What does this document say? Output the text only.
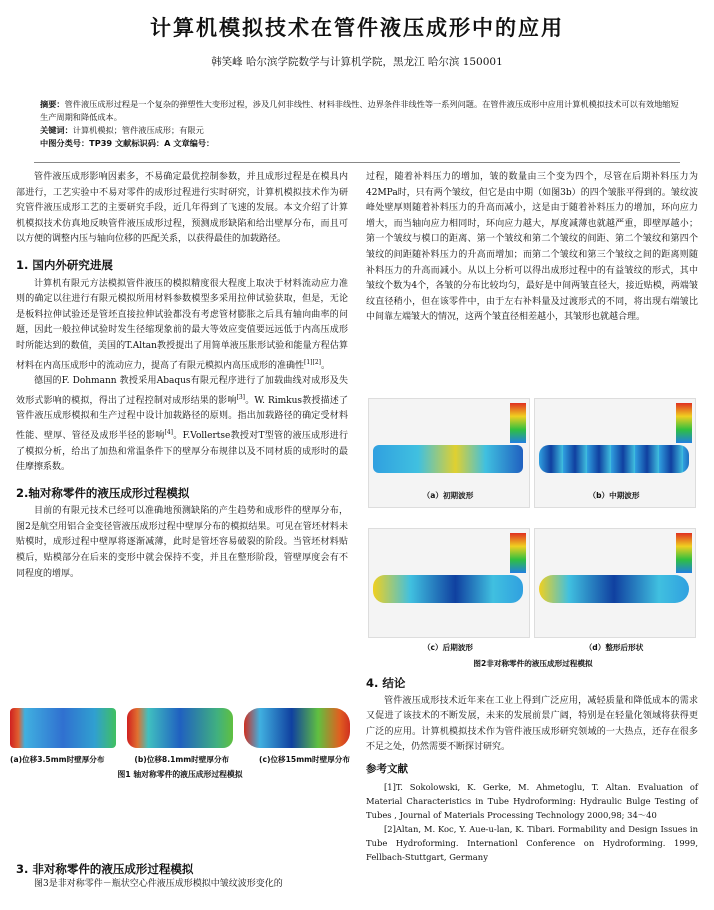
计算机模拟技术在管件液压成形中的应用
韩笑峰 哈尔滨学院数学与计算机学院，黑龙江 哈尔滨 150001

摘要：管件液压成形过程是一个复杂的弹塑性大变形过程，涉及几何非线性、材料非线性、边界条件非线性等一系列问题。在管件液压成形中应用计算机模拟技术可以有效地缩短生产周期和降低成本。

关键词：计算机模拟；管件液压成形；有限元

中图分类号：TP39 文献标识码：A 文章编号：

管件液压成形影响因素多，不易确定最优控制参数，并且成形过程是在模具内部进行，工艺实验中不易对零件的成形过程进行实时研究，计算机模拟技术作为研究管件液压成形工艺的主要研究手段，近几年得到了飞速的发展。本文介绍了计算机模拟技术仿真地反映管件液压成形过程，预测成形缺陷和给出壁厚分布，而且可以方便的调整内压与轴向位移的匹配关系，以获得最佳的加载路径。

1. 国内外研究进展

计算机有限元方法模拟管件液压的模拟精度很大程度上取决于材料流动应力准则的确定以往进行有限元模拟所用材料参数模型多采用拉伸试验获取，但是，无论是板料拉伸试验还是管坯直接拉伸试验都没有考虑管材膨胀之后具有轴向曲率的问题，因此一般拉伸试验时发生径缩现象前的最大等效应变值要远远低于内高压成形时所能达到的数值，美国的T.Altan教授提出了用简单液压胀形试验和能量方程估算材料在内高压成形中的流动应力，提高了有限元模拟内高压成形的准确性[1][2]。

德国的F. Dohmann 教授采用Abaqus有限元程序进行了加载曲线对成形及失效形式影响的模拟，得出了过程控制对成形结果的影响[3]。W. Rimkus教授描述了管件液压成形模拟和生产过程中设计加载路径的原则。指出加载路径的确定受材料性能、壁厚、管径及成形半径的影响[4]。F.Vollertse教授对T型管的液压成形进行了模拟分析，给出了加热和常温条件下的壁厚分布规律以及不同材质的成形时的最佳摩擦系数。

2.轴对称零件的液压成形过程模拟

目前的有限元技术已经可以准确地预测缺陷的产生趋势和成形件的壁厚分布，图2是航空用铝合金变径管液压成形过程中壁厚分布的模拟结果。可见在管坯材料未贴模时，成形过程中壁厚将逐渐减薄，此时是管坯容易破裂的阶段。当管坯材料贴模后，贴模部分在后来的变形中就会保持不变，并且在整形阶段，管壁厚度会有不同程度的增厚。

(a)位移3.5mm时壁厚分布	(b)位移8.1mm时壁厚分布	(c)位移15mm时壁厚分布
图1 轴对称零件的液压成形过程模拟
3. 非对称零件的液压成形过程模拟

图3是非对称零件－瓶状空心件液压成形模拟中皱纹波形变化的

过程，随着补料压力的增加，皱的数量由三个变为四个，尽管在后期补料压力为42MPa时，只有两个皱纹，但它是由中期（如图3b）的四个皱胀平得到的。皱纹波峰处壁厚则随着补料压力的升高而减小，这是由于随着补料压力的增加，环向应力增大，而当轴向应力相同时，环向应力越大，厚度减薄也就越严重，即壁厚越小；第一个皱纹与模口的距离、第一个皱纹和第二个皱纹的间距、第二个皱纹和第四个皱纹的间距随补料压力的升高而增加；而第二个皱纹和第三个皱纹之间的距离则随补料压力的升高而减小。从以上分析可以得出成形过程中的有益皱纹的形式，其中皱纹个数为4个，各皱的分布比较均匀，最好是中间两皱直径大，接近贴模，两端皱纹直径稍小，但在该零件中，由于左右补料量及过渡形式的不同，将出现右端皱比中间靠左端皱大的情况，这两个皱直径相差越小，其皱形也就越合理。

（a）初期波形	（b）中期波形
（c）后期波形	（d）整形后形状
图2非对称零件的液压成形过程模拟
4. 结论

管件液压成形技术近年来在工业上得到广泛应用，减轻质量和降低成本的需求又促进了该技术的不断发展，未来的发展前景广阔，特别是在轻量化领域将获得更广泛的应用。计算机模拟技术作为管件液压成形研究领域的一大热点，还存在很多不足之处，仍然需要不断探讨研究。

参考文献

[1]T. Sokolowski, K. Gerke, M. Ahmetoglu, T. Altan. Evaluation of Material Characteristics in Tube Hydroforming: Hydraulic Bulge Testing of Tubes , Journal of Materials Processing Technology 2000,98; 34～40

[2]Altan, M. Koc, Y. Aue-u-lan, K. Tibari. Formability and Design Issues in Tube Hydroforming. Internationl Conference on Hydroforming. 1999, Fellbach-Stuttgart, Germany
